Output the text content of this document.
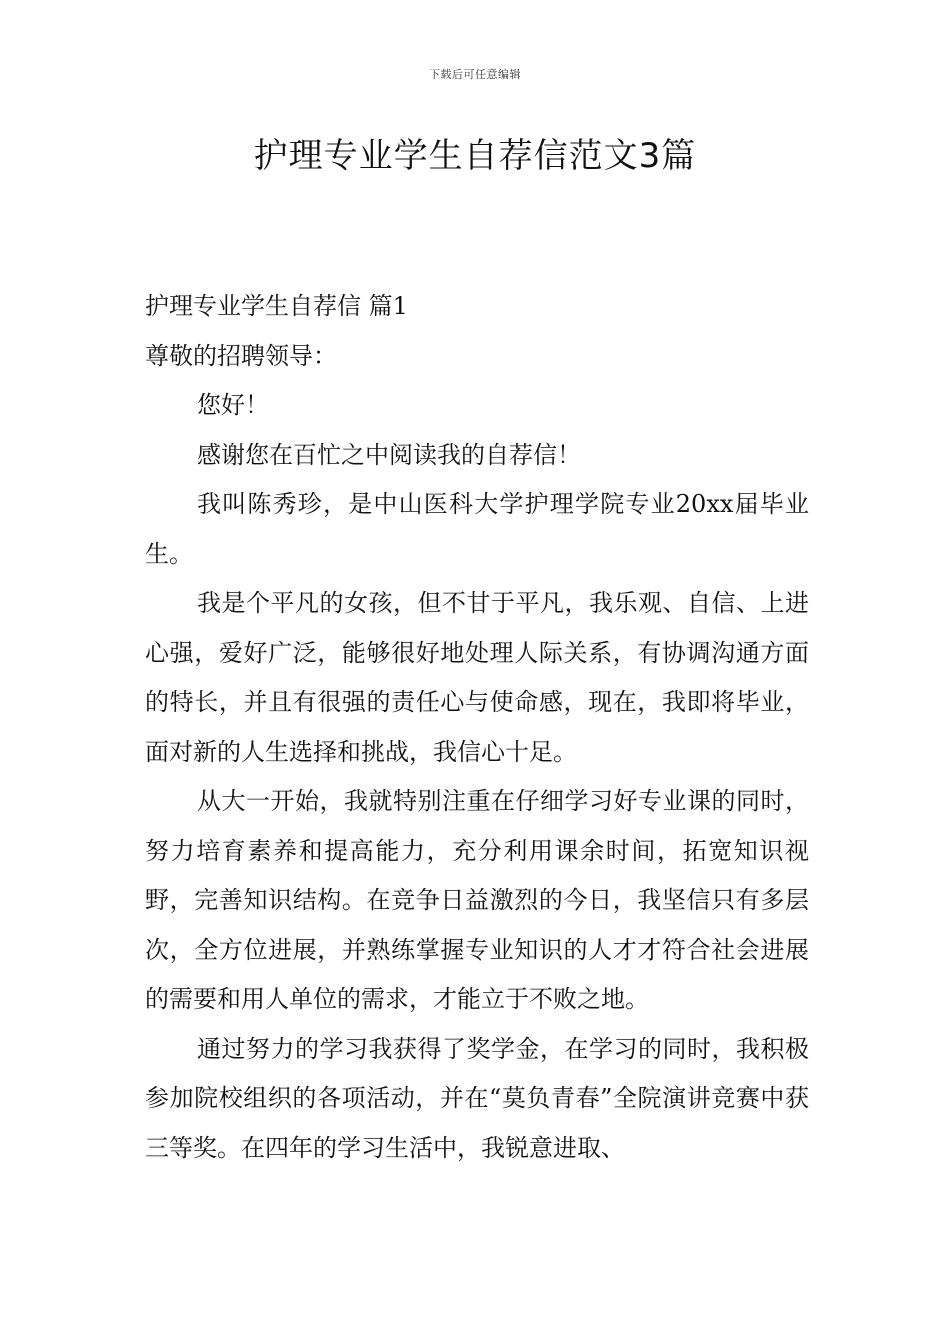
下载后可任意编辑
护理专业学生自荐信范文3篇

护理专业学生自荐信 篇1

尊敬的招聘领导：

您好！

感谢您在百忙之中阅读我的自荐信！

我叫陈秀珍，是中山医科大学护理学院专业20xx届毕业生。

我是个平凡的女孩，但不甘于平凡，我乐观、自信、上进心强，爱好广泛，能够很好地处理人际关系，有协调沟通方面的特长，并且有很强的责任心与使命感，现在，我即将毕业，面对新的人生选择和挑战，我信心十足。

从大一开始，我就特别注重在仔细学习好专业课的同时，努力培育素养和提高能力，充分利用课余时间，拓宽知识视野，完善知识结构。在竞争日益激烈的今日，我坚信只有多层次，全方位进展，并熟练掌握专业知识的人才才符合社会进展的需要和用人单位的需求，才能立于不败之地。

通过努力的学习我获得了奖学金，在学习的同时，我积极参加院校组织的各项活动，并在“莫负青春”全院演讲竞赛中获三等奖。在四年的学习生活中，我锐意进取、
